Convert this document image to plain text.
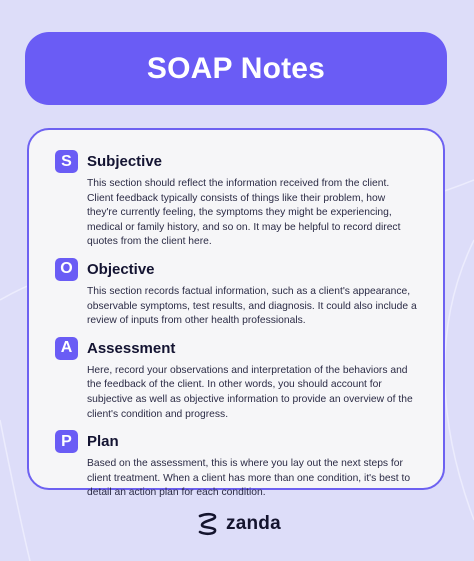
SOAP Notes
S	Subjective

This section should reflect the information received from the client.
Client feedback typically consists of things like their problem, how
they're currently feeling, the symptoms they might be experiencing,
medical or family history, and so on. It may be helpful to record direct
quotes from the client here.

O Objective

This section records factual information, such as a client's appearance,
observable symptoms, test results, and diagnosis. It could also include a
review of inputs from other health professionals.

A Assessment

Here, record your observations and interpretation of the behaviors and
the feedback of the client. In other words, you should account for
subjective as well as objective information to provide an overview of the
client's condition and progress.

P	Plan

Based on the assessment, this is where you lay out the next steps for
client treatment. When a client has more than one condition, it's best to
detail an action plan for each condition.

zanda
